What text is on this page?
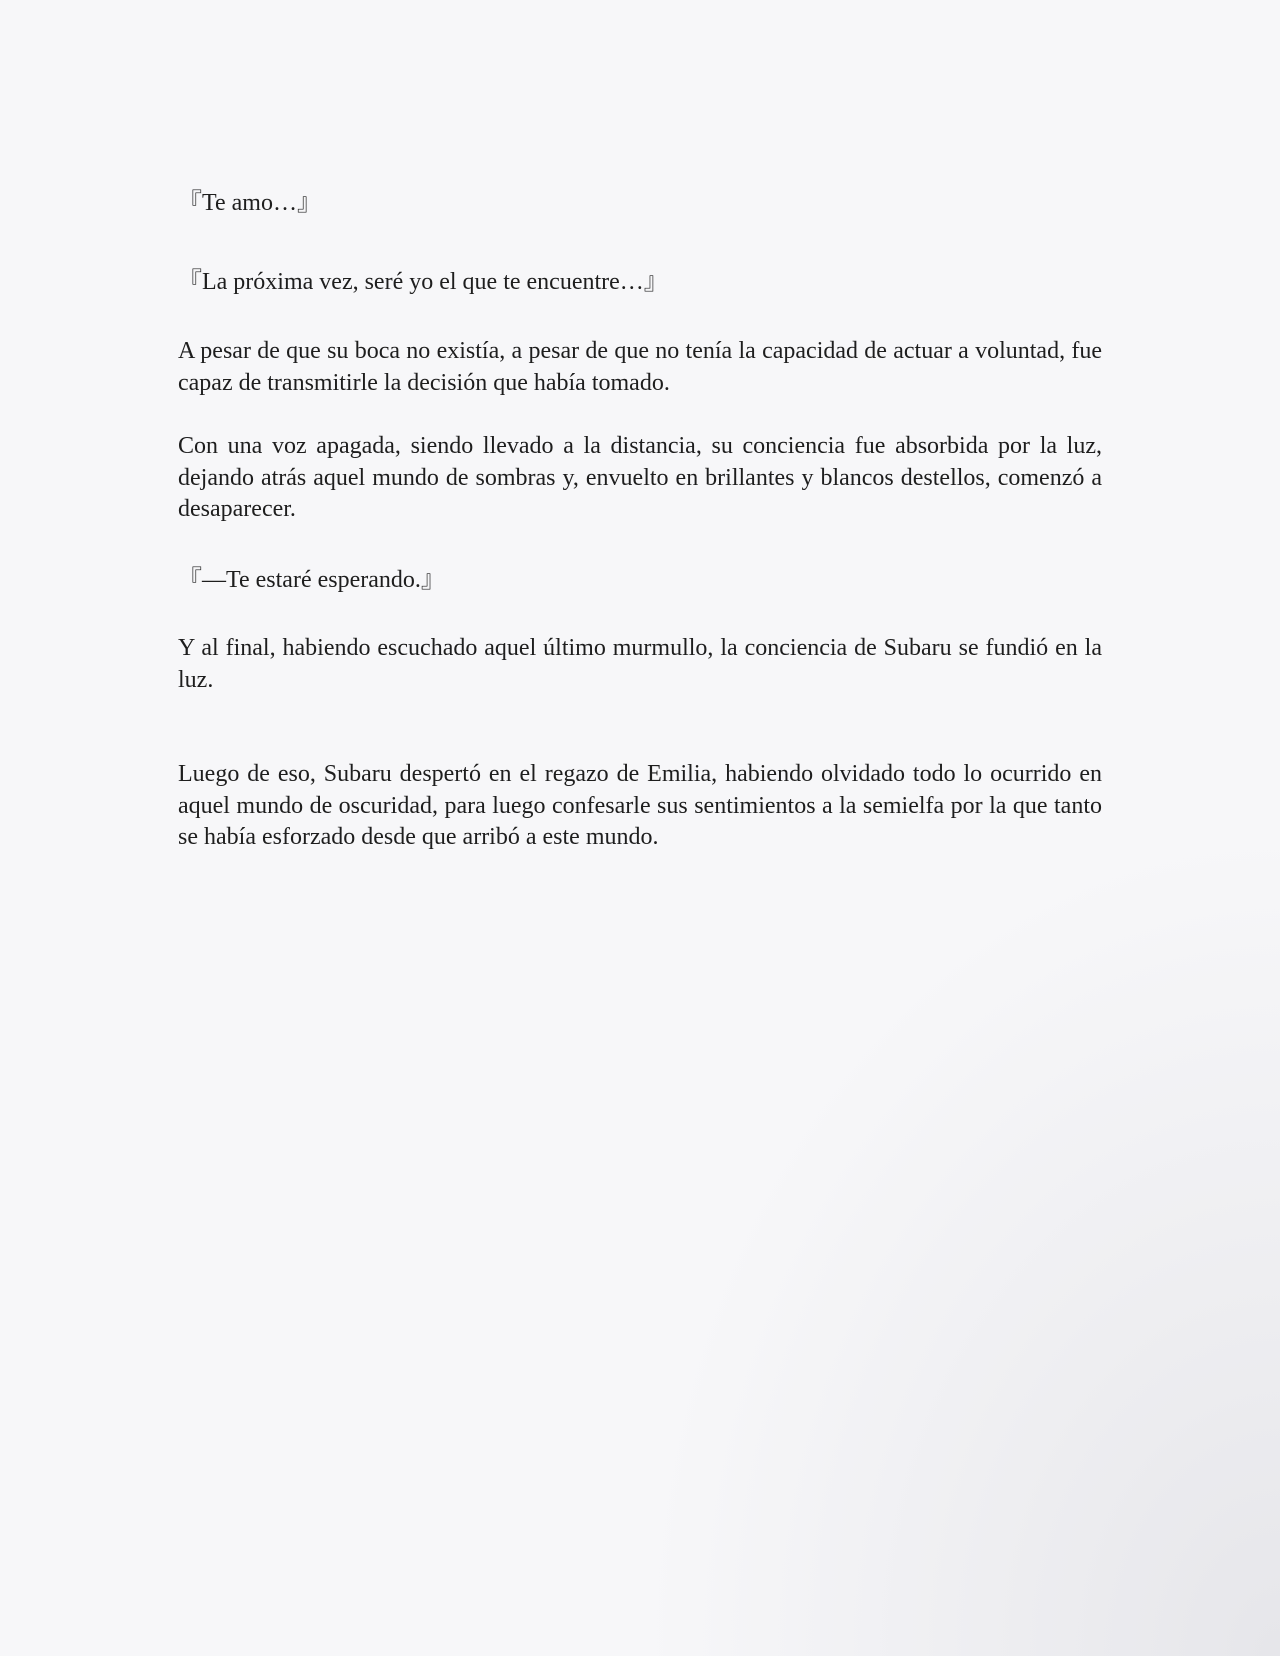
『Te amo…』

『La próxima vez, seré yo el que te encuentre…』

A pesar de que su boca no existía, a pesar de que no tenía la capacidad de actuar a voluntad, fue capaz de transmitirle la decisión que había tomado.

Con una voz apagada, siendo llevado a la distancia, su conciencia fue absorbida por la luz, dejando atrás aquel mundo de sombras y, envuelto en brillantes y blancos destellos, comenzó a desaparecer.

『—Te estaré esperando.』

Y al final, habiendo escuchado aquel último murmullo, la conciencia de Subaru se fundió en la luz.

Luego de eso, Subaru despertó en el regazo de Emilia, habiendo olvidado todo lo ocurrido en aquel mundo de oscuridad, para luego confesarle sus sentimientos a la semielfa por la que tanto se había esforzado desde que arribó a este mundo.
